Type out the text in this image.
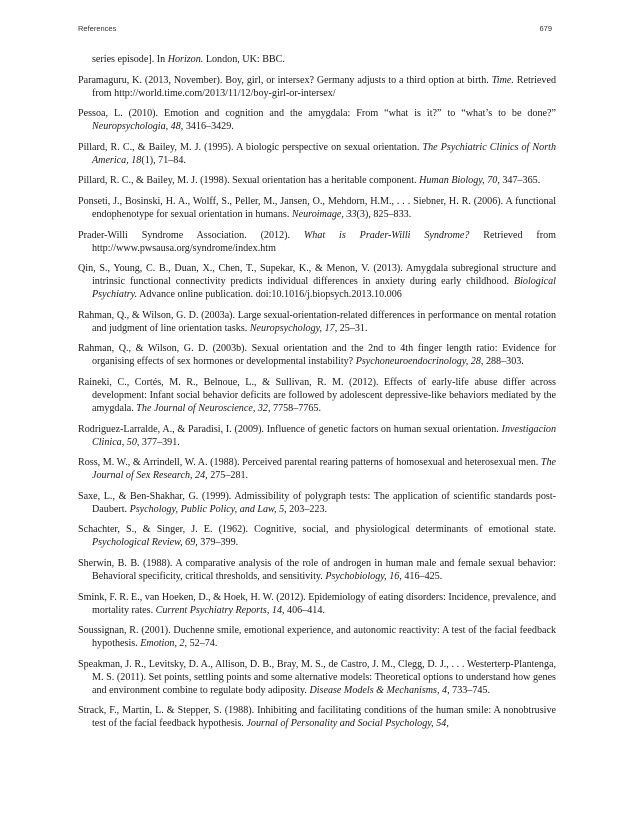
References	679
series episode]. In Horizon. London, UK: BBC.
Paramaguru, K. (2013, November). Boy, girl, or intersex? Germany adjusts to a third option at birth. Time. Retrieved from http://world.time.com/2013/11/12/boy-girl-or-intersex/
Pessoa, L. (2010). Emotion and cognition and the amygdala: From “what is it?” to “what’s to be done?” Neuropsychologia, 48, 3416–3429.
Pillard, R. C., & Bailey, M. J. (1995). A biologic perspective on sexual orientation. The Psychiatric Clinics of North America, 18(1), 71–84.
Pillard, R. C., & Bailey, M. J. (1998). Sexual orientation has a heritable component. Human Biology, 70, 347–365.
Ponseti, J., Bosinski, H. A., Wolff, S., Peller, M., Jansen, O., Mehdorn, H.M., . . . Siebner, H. R. (2006). A functional endophenotype for sexual orientation in humans. Neuroimage, 33(3), 825–833.
Prader-Willi Syndrome Association. (2012). What is Prader-Willi Syndrome? Retrieved from http://www.pwsausa.org/syndrome/index.htm
Qin, S., Young, C. B., Duan, X., Chen, T., Supekar, K., & Menon, V. (2013). Amygdala subregional structure and intrinsic functional connectivity predicts individual differences in anxiety during early childhood. Biological Psychiatry. Advance online publication. doi:10.1016/j.biopsych.2013.10.006
Rahman, Q., & Wilson, G. D. (2003a). Large sexual-orientation-related differences in performance on mental rotation and judgment of line orientation tasks. Neuropsychology, 17, 25–31.
Rahman, Q., & Wilson, G. D. (2003b). Sexual orientation and the 2nd to 4th finger length ratio: Evidence for organising effects of sex hormones or developmental instability? Psychoneuroendocrinology, 28, 288–303.
Raineki, C., Cortés, M. R., Belnoue, L., & Sullivan, R. M. (2012). Effects of early-life abuse differ across development: Infant social behavior deficits are followed by adolescent depressive-like behaviors mediated by the amygdala. The Journal of Neuroscience, 32, 7758–7765.
Rodriguez-Larralde, A., & Paradisi, I. (2009). Influence of genetic factors on human sexual orientation. Investigacion Clinica, 50, 377–391.
Ross, M. W., & Arrindell, W. A. (1988). Perceived parental rearing patterns of homosexual and heterosexual men. The Journal of Sex Research, 24, 275–281.
Saxe, L., & Ben-Shakhar, G. (1999). Admissibility of polygraph tests: The application of scientific standards post-Daubert. Psychology, Public Policy, and Law, 5, 203–223.
Schachter, S., & Singer, J. E. (1962). Cognitive, social, and physiological determinants of emotional state. Psychological Review, 69, 379–399.
Sherwin, B. B. (1988). A comparative analysis of the role of androgen in human male and female sexual behavior: Behavioral specificity, critical thresholds, and sensitivity. Psychobiology, 16, 416–425.
Smink, F. R. E., van Hoeken, D., & Hoek, H. W. (2012). Epidemiology of eating disorders: Incidence, prevalence, and mortality rates. Current Psychiatry Reports, 14, 406–414.
Soussignan, R. (2001). Duchenne smile, emotional experience, and autonomic reactivity: A test of the facial feedback hypothesis. Emotion, 2, 52–74.
Speakman, J. R., Levitsky, D. A., Allison, D. B., Bray, M. S., de Castro, J. M., Clegg, D. J., . . . Westerterp-Plantenga, M. S. (2011). Set points, settling points and some alternative models: Theoretical options to understand how genes and environment combine to regulate body adiposity. Disease Models & Mechanisms, 4, 733–745.
Strack, F., Martin, L. & Stepper, S. (1988). Inhibiting and facilitating conditions of the human smile: A nonobtrusive test of the facial feedback hypothesis. Journal of Personality and Social Psychology, 54,
